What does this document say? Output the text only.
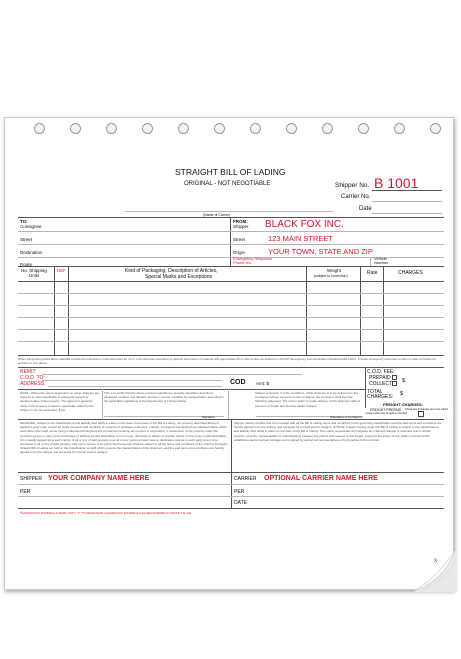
x
STRAIGHT BILL OF LADING
ORIGINAL - NOT NEGOTIABLE	Shipper No. B 1001
Carrier No.
Date
(Name of Carrier)
TO:
Consignee
Street
Destination
Route
FROM:
Shipper BLACK FOX INC.
Street	123 MAIN STREET
Origin	YOUR TOWN, STATE AND ZIP
Emergency Response
Phone No.
Vehicle
Number
No. Shipping
Units
HM*	Kind of Packaging, Description of Articles,
Special Marks and Exceptions
Weight
(subject to correction)	Rate	CHARGES
When transporting hazardous materials include the technical or chemical name for n.o.s. (not otherwise specified) or generic description of material with appropriate UN or NA number as defined in US DOT Emergency Communication Standard (HM-126C). Provide emergency response number in case of incident or accident in box above.
REMIT
C.O.D. TO:
ADDRESS:	COD Amt: $
C.O.D. FEE:
PREPAID
COLLECT $
TOTAL
CHARGES: $
NOTE - Where the rate is dependent on value, shippers are required to state specifically in writing the agreed or declared value of the property. The agreed or declared value of the property is hereby specifically stated by the shipper to be not exceeding: $ per
This is to certify that the above named materials are properly classified, described, packaged, marked, and labeled, and are in proper condition for transportation according to the applicable regulations of the Department of Transportation.
Signature
Subject to Section 7 of the conditions, if this shipment is to be delivered to the consignee without recourse on the consignor, the consignor shall sign the following statement: The carrier shall not make delivery of this shipment without payment of freight and all other lawful charges.
(Signature of Consignor)
FREIGHT CHARGES:
FREIGHT PREPAID
except when box at right is checked
Check box if charges are to be collect
RECEIVED, subject to the classifications and lawfully filed tariffs in effect on the date of the issue of this Bill of Lading, the property described above in apparent good order except as noted (contents and condition of contents of packages unknown), marked, consigned and destined as indicated above which said carrier (the word carrier being understood throughout this contract as meaning any person or corporation in possession of the property under the contract) agrees to carry to its usual place of delivery at said destination if on its route, otherwise to deliver to another carrier on the route to said destination. It is mutually agreed as to each carrier of all or any of said property over all or any portion of said route to destination and as to each party at any time interested in all or any of said property, that every service to be performed hereunder shall be subject to all the terms and conditions of the Uniform Domestic Straight Bill of Lading set forth in the classification or tariff which governs the transportation of this shipment, and the said terms and conditions are hereby agreed to by the shipper and accepted for himself and his assigns.
Shipper hereby certifies that he is familiar with all the Bill of Lading terms and conditions in the governing classification and the said terms and conditions are hereby agreed to by the shipper and accepted for himself and his assigns. NOTICE: Freight moving under this Bill of Lading is subject to the classifications and lawfully filed tariffs in effect on the date of this Bill of Lading. This notice supersedes and negates any claimed, alleged or asserted oral or written contract, promise, representation or understanding between the parties with respect to this freight, except to the extent of any written contract which establishes lawful contract carriage and is signed by authorized representatives of both parties to the contract.
SHIPPER YOUR COMPANY NAME HERE	CARRIER OPTIONAL CARRIER NAME HERE
PER	PER
DATE
*HAZARDOUS MATERIALS MARK WITH "X" TO DESIGNATE HAZARDOUS MATERIALS AS REGISTERED IN 49CFR 172.101
